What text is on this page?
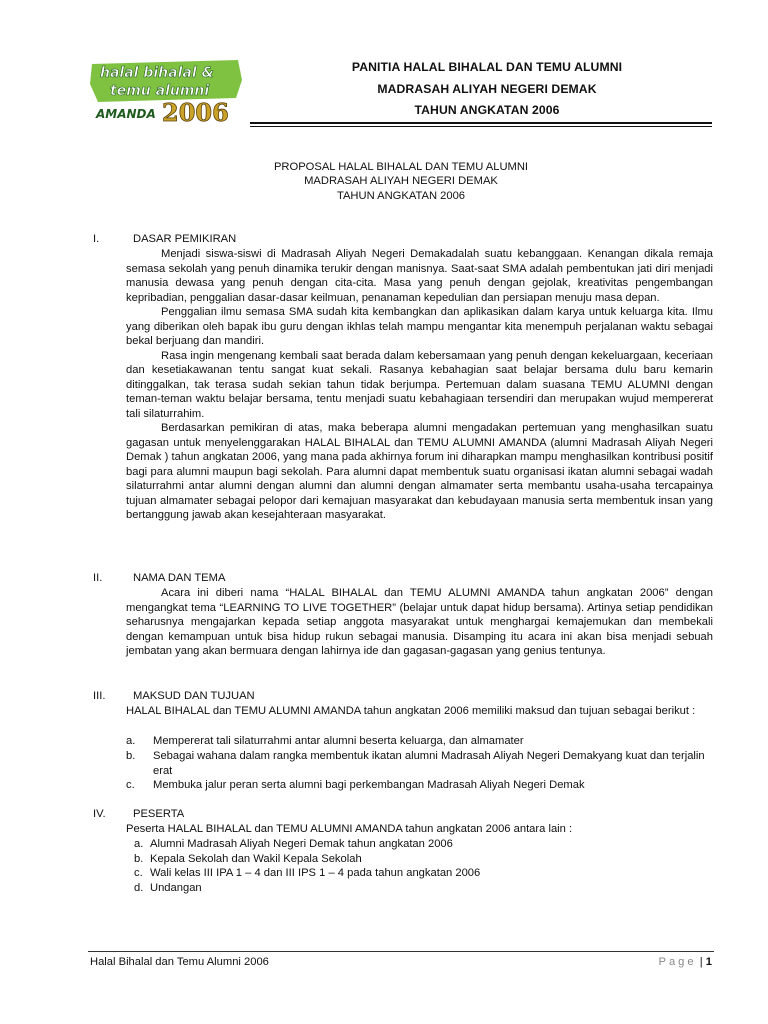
halal bihalal &
temu alumni
AMANDA 2006
PANITIA HALAL BIHALAL DAN TEMU ALUMNI
MADRASAH ALIYAH NEGERI DEMAK
TAHUN ANGKATAN 2006
PROPOSAL HALAL BIHALAL DAN TEMU ALUMNI
MADRASAH ALIYAH NEGERI DEMAK
TAHUN ANGKATAN 2006
I.	DASAR PEMIKIRAN

Menjadi siswa-siswi di Madrasah Aliyah Negeri Demakadalah suatu kebanggaan. Kenangan dikala remaja semasa sekolah yang penuh dinamika terukir dengan manisnya. Saat-saat SMA adalah pembentukan jati diri menjadi manusia dewasa yang penuh dengan cita-cita. Masa yang penuh dengan gejolak, kreativitas pengembangan kepribadian, penggalian dasar-dasar keilmuan, penanaman kepedulian dan persiapan menuju masa depan.

Penggalian ilmu semasa SMA sudah kita kembangkan dan aplikasikan dalam karya untuk keluarga kita. Ilmu yang diberikan oleh bapak ibu guru dengan ikhlas telah mampu mengantar kita menempuh perjalanan waktu sebagai bekal berjuang dan mandiri.

Rasa ingin mengenang kembali saat berada dalam kebersamaan yang penuh dengan kekeluargaan, keceriaan dan kesetiakawanan tentu sangat kuat sekali. Rasanya kebahagian saat belajar bersama dulu baru kemarin ditinggalkan, tak terasa sudah sekian tahun tidak berjumpa. Pertemuan dalam suasana TEMU ALUMNI dengan teman-teman waktu belajar bersama, tentu menjadi suatu kebahagiaan tersendiri dan merupakan wujud mempererat tali silaturrahim.

Berdasarkan pemikiran di atas, maka beberapa alumni mengadakan pertemuan yang menghasilkan suatu gagasan untuk menyelenggarakan HALAL BIHALAL dan TEMU ALUMNI AMANDA (alumni Madrasah Aliyah Negeri Demak ) tahun angkatan 2006, yang mana pada akhirnya forum ini diharapkan mampu menghasilkan kontribusi positif bagi para alumni maupun bagi sekolah. Para alumni dapat membentuk suatu organisasi ikatan alumni sebagai wadah silaturrahmi antar alumni dengan alumni dan alumni dengan almamater serta membantu usaha-usaha tercapainya tujuan almamater sebagai pelopor dari kemajuan masyarakat dan kebudayaan manusia serta membentuk insan yang bertanggung jawab akan kesejahteraan masyarakat.

II.	NAMA DAN TEMA

Acara ini diberi nama “HALAL BIHALAL dan TEMU ALUMNI AMANDA tahun angkatan 2006” dengan mengangkat tema “LEARNING TO LIVE TOGETHER” (belajar untuk dapat hidup bersama). Artinya setiap pendidikan seharusnya mengajarkan kepada setiap anggota masyarakat untuk menghargai kemajemukan dan membekali dengan kemampuan untuk bisa hidup rukun sebagai manusia. Disamping itu acara ini akan bisa menjadi sebuah jembatan yang akan bermuara dengan lahirnya ide dan gagasan-gagasan yang genius tentunya.

III. MAKSUD DAN TUJUAN
HALAL BIHALAL dan TEMU ALUMNI AMANDA tahun angkatan 2006 memiliki maksud dan tujuan sebagai berikut :
a. Mempererat tali silaturrahmi antar alumni beserta keluarga, dan almamater
b. Sebagai wahana dalam rangka membentuk ikatan alumni Madrasah Aliyah Negeri Demakyang kuat dan terjalin erat
c. Membuka jalur peran serta alumni bagi perkembangan Madrasah Aliyah Negeri Demak
IV. PESERTA
Peserta HALAL BIHALAL dan TEMU ALUMNI AMANDA tahun angkatan 2006 antara lain :
a. Alumni Madrasah Aliyah Negeri Demak tahun angkatan 2006
b. Kepala Sekolah dan Wakil Kepala Sekolah
c. Wali kelas III IPA 1 – 4 dan III IPS 1 – 4 pada tahun angkatan 2006
d. Undangan
Halal Bihalal dan Temu Alumni 2006	Page | 1
